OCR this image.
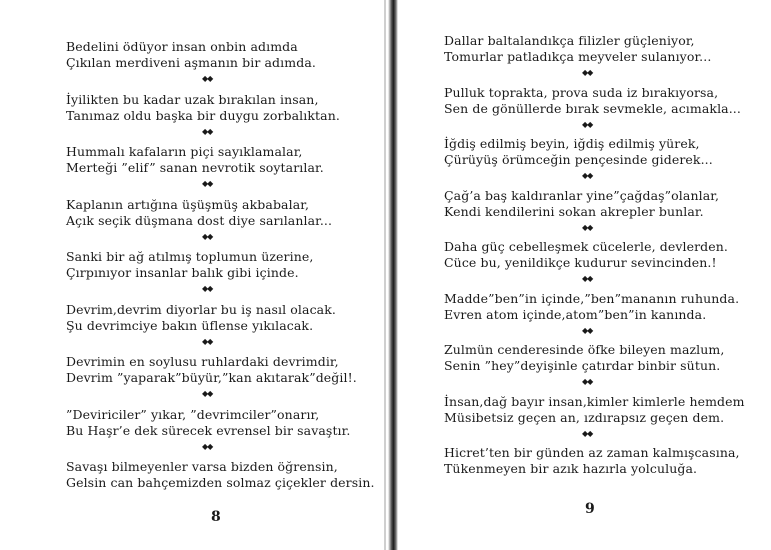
Bedelini ödüyor insan onbin adımda
Çıkılan merdiveni aşmanın bir adımda.
◆◆
İyilikten bu kadar uzak bırakılan insan,
Tanımaz oldu başka bir duygu zorbalıktan.
◆◆
Hummalı kafaların piçi sayıklamalar,
Merteği ”elif” sanan nevrotik soytarılar.
◆◆
Kaplanın artığına üşüşmüş akbabalar,
Açık seçik düşmana dost diye sarılanlar...
◆◆
Sanki bir ağ atılmış toplumun üzerine,
Çırpınıyor insanlar balık gibi içinde.
◆◆
Devrim,devrim diyorlar bu iş nasıl olacak.
Şu devrimciye bakın üflense yıkılacak.
◆◆
Devrimin en soylusu ruhlardaki devrimdir,
Devrim ”yaparak”büyür,”kan akıtarak”değil!.
◆◆
”Deviriciler” yıkar, ”devrimciler”onarır,
Bu Haşr’e dek sürecek evrensel bir savaştır.
◆◆
Savaşı bilmeyenler varsa bizden öğrensin,
Gelsin can bahçemizden solmaz çiçekler dersin.
8
Dallar baltalandıkça filizler güçleniyor,
Tomurlar patladıkça meyveler sulanıyor...
◆◆
Pulluk toprakta, prova suda iz bırakıyorsa,
Sen de gönüllerde bırak sevmekle, acımakla...
◆◆
İğdiş edilmiş beyin, iğdiş edilmiş yürek,
Çürüyüş örümceğin pençesinde giderek...
◆◆
Çağ’a baş kaldıranlar yine”çağdaş”olanlar,
Kendi kendilerini sokan akrepler bunlar.
◆◆
Daha güç cebelleşmek cücelerle, devlerden.
Cüce bu, yenildikçe kudurur sevincinden.!
◆◆
Madde”ben”in içinde,”ben”mananın ruhunda.
Evren atom içinde,atom”ben”in kanında.
◆◆
Zulmün cenderesinde öfke bileyen mazlum,
Senin ”hey”deyişinle çatırdar binbir sütun.
◆◆
İnsan,dağ bayır insan,kimler kimlerle hemdem
Müsibetsiz geçen an, ızdırapsız geçen dem.
◆◆
Hicret’ten bir günden az zaman kalmışcasına,
Tükenmeyen bir azık hazırla yolculuğa.
9
